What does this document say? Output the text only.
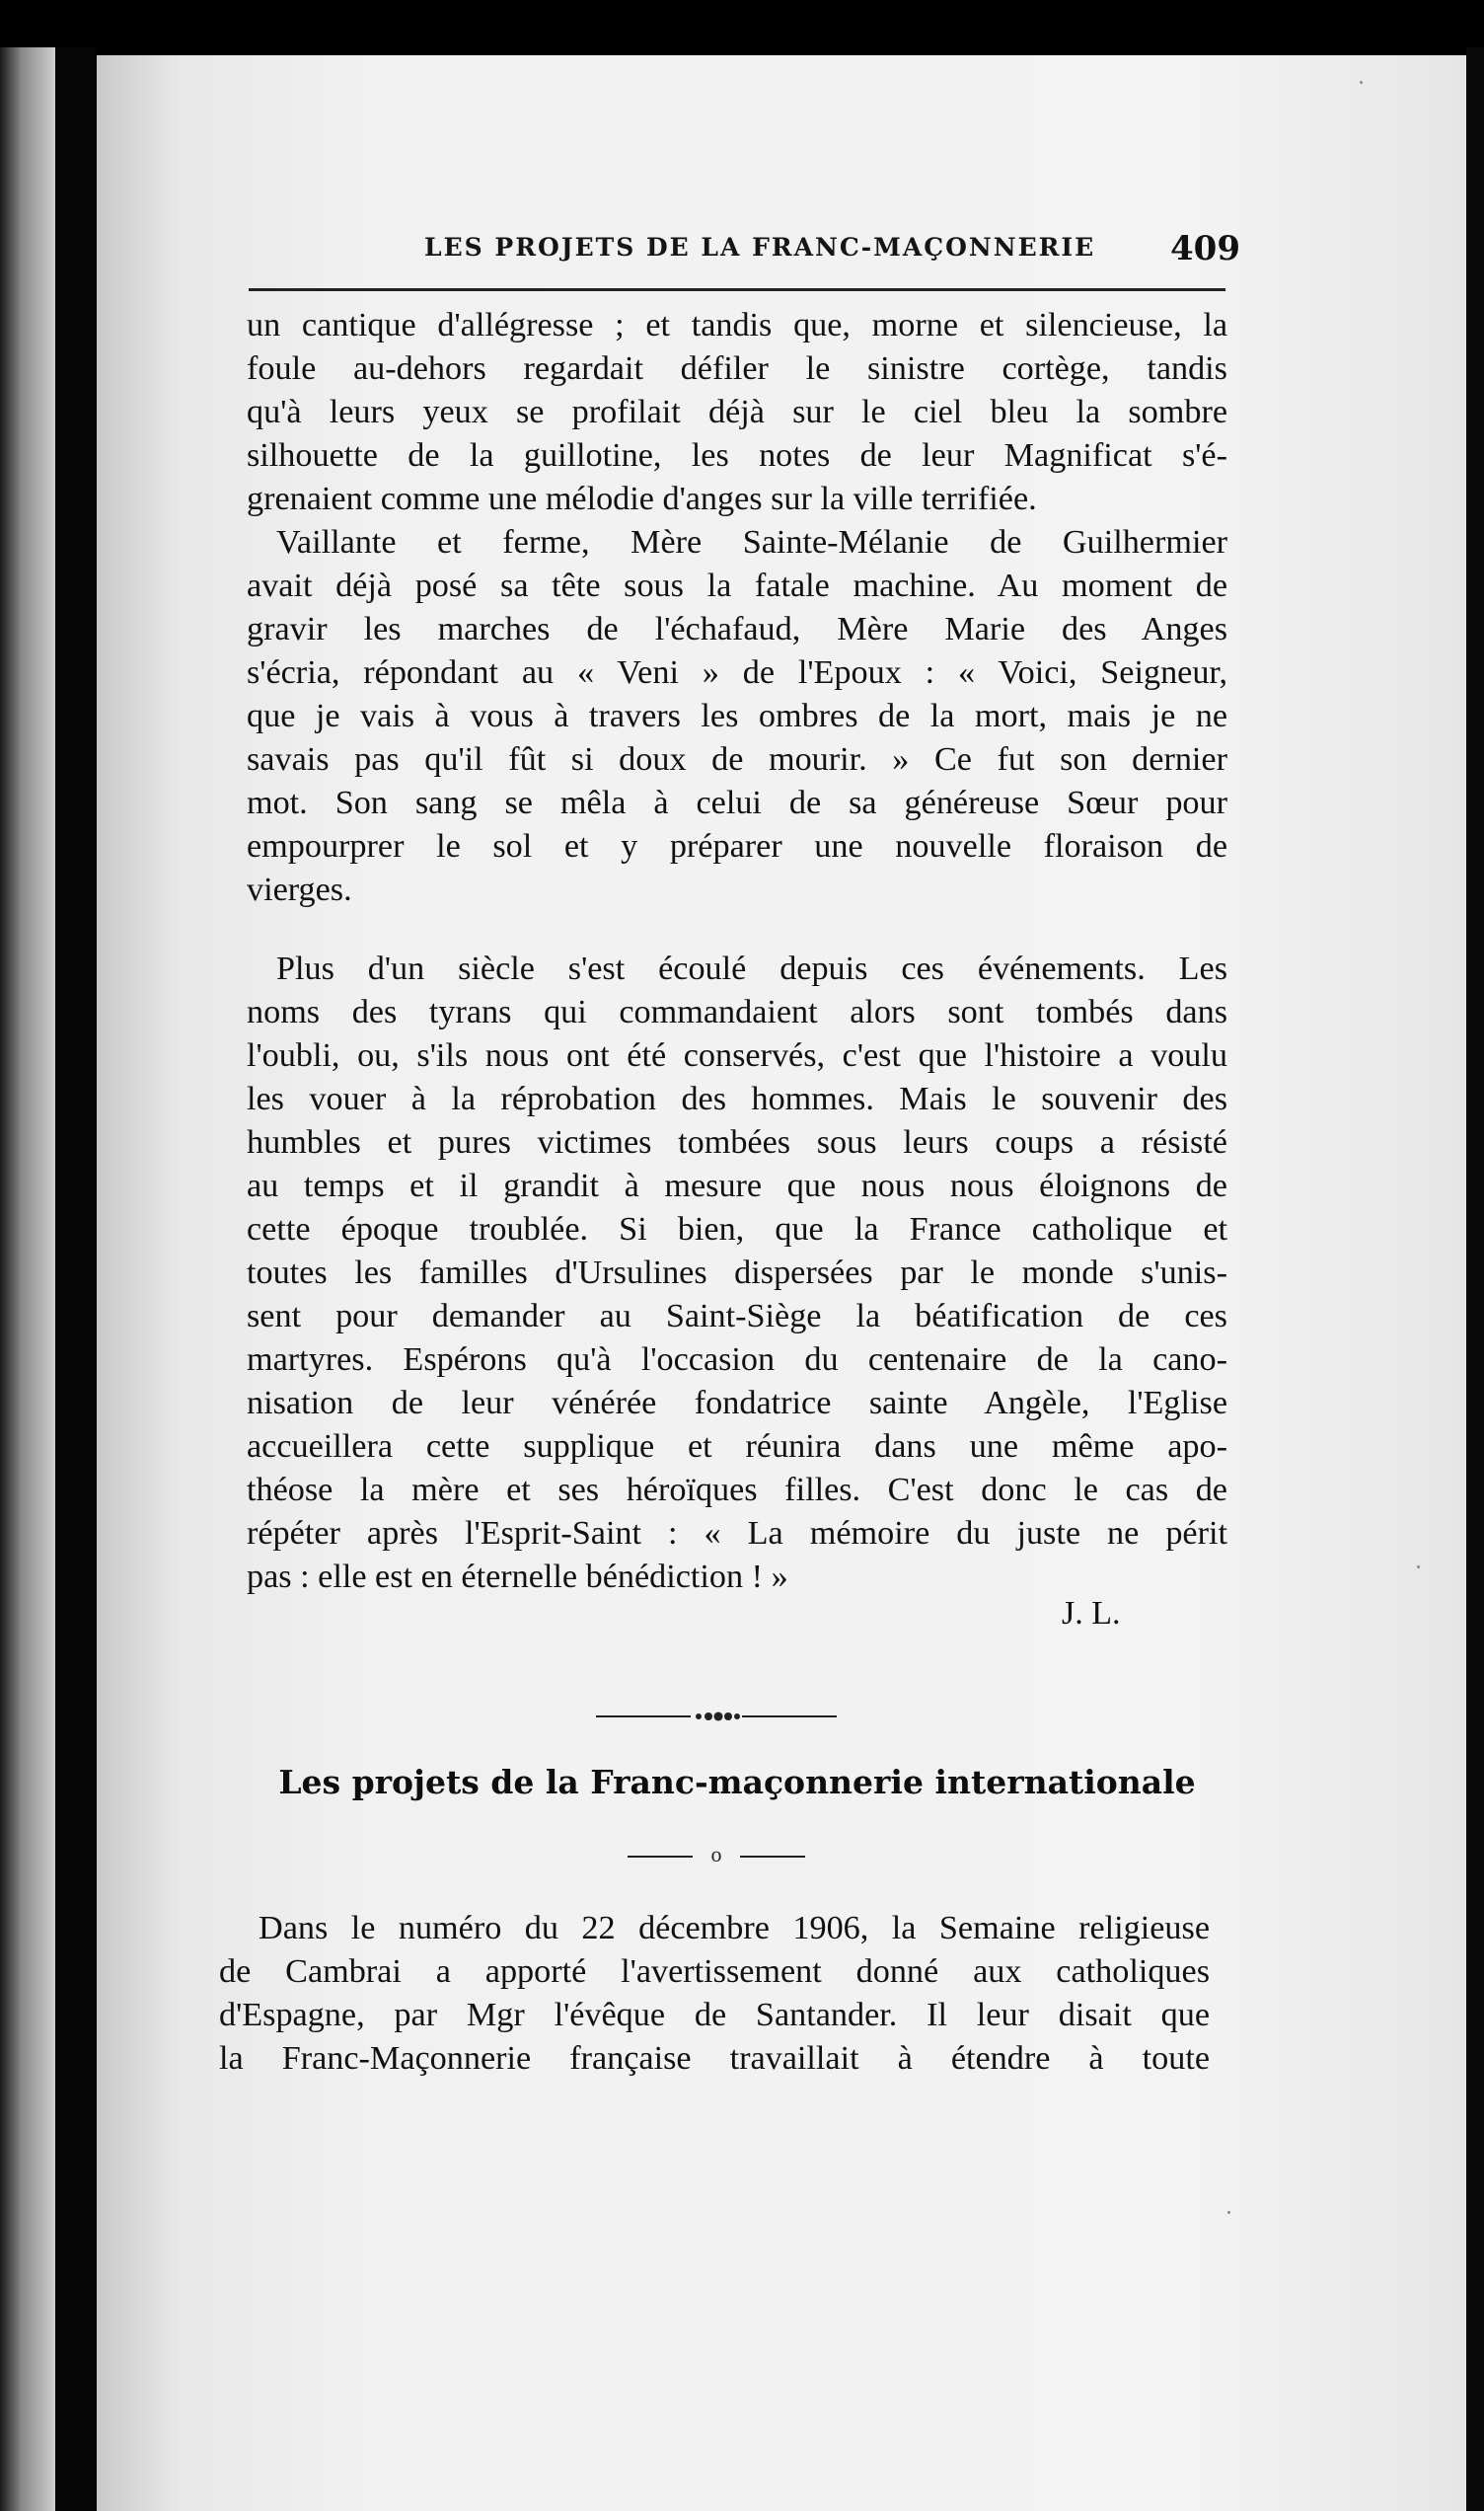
LES PROJETS DE LA FRANC-MAÇONNERIE 409
un cantique d'allégresse ; et tandis que, morne et silencieuse, la
foule au-dehors regardait défiler le sinistre cortège, tandis
qu'à leurs yeux se profilait déjà sur le ciel bleu la sombre
silhouette de la guillotine, les notes de leur Magnificat s'é-
grenaient comme une mélodie d'anges sur la ville terrifiée.
Vaillante et ferme, Mère Sainte-Mélanie de Guilhermier
avait déjà posé sa tête sous la fatale machine. Au moment de
gravir les marches de l'échafaud, Mère Marie des Anges
s'écria, répondant au « Veni » de l'Epoux : « Voici, Seigneur,
que je vais à vous à travers les ombres de la mort, mais je ne
savais pas qu'il fût si doux de mourir. » Ce fut son dernier
mot. Son sang se mêla à celui de sa généreuse Sœur pour
empourprer le sol et y préparer une nouvelle floraison de
vierges.
Plus d'un siècle s'est écoulé depuis ces événements. Les
noms des tyrans qui commandaient alors sont tombés dans
l'oubli, ou, s'ils nous ont été conservés, c'est que l'histoire a voulu
les vouer à la réprobation des hommes. Mais le souvenir des
humbles et pures victimes tombées sous leurs coups a résisté
au temps et il grandit à mesure que nous nous éloignons de
cette époque troublée. Si bien, que la France catholique et
toutes les familles d'Ursulines dispersées par le monde s'unis-
sent pour demander au Saint-Siège la béatification de ces
martyres. Espérons qu'à l'occasion du centenaire de la cano-
nisation de leur vénérée fondatrice sainte Angèle, l'Eglise
accueillera cette supplique et réunira dans une même apo-
théose la mère et ses héroïques filles. C'est donc le cas de
répéter après l'Esprit-Saint : « La mémoire du juste ne périt
pas : elle est en éternelle bénédiction ! »
J. L.
Les projets de la Franc-maçonnerie internationale
o
Dans le numéro du 22 décembre 1906, la Semaine religieuse
de Cambrai a apporté l'avertissement donné aux catholiques
d'Espagne, par Mgr l'évêque de Santander. Il leur disait que
la Franc-Maçonnerie française travaillait à étendre à toute
